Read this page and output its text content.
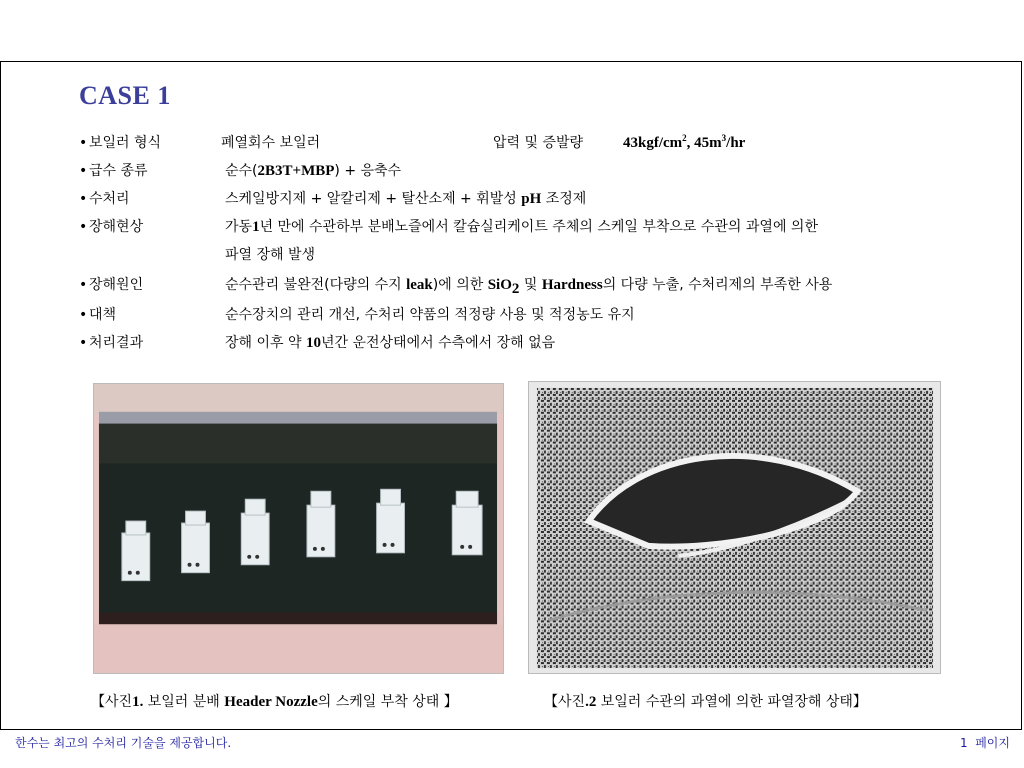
CASE 1
• 보일러 형식	폐열회수 보일러	압력 및 증발량	$43kgf/cm^2$, $45m^3/hr$
• 급수 종류	순수(2B3T+MBP) + 응축수
• 수처리	스케일방지제 + 알칼리제 + 탈산소제 + 휘발성 pH 조정제
• 장해현상	가동1년 만에 수관하부 분배노즐에서 칼슘실리케이트 주체의 스케일 부착으로 수관의 과열에 의한
파열 장해 발생
• 장해원인	순수관리 불완전(다량의 수지 leak)에 의한 SiO$_2$ 및 Hardness의 다량 누출, 수처리제의 부족한 사용
• 대책	순수장치의 관리 개선, 수처리 약품의 적정량 사용 및 적정농도 유지
• 처리결과	장해 이후 약 10년간 운전상태에서 수측에서 장해 없음
【사진1. 보일러 분배 Header Nozzle의 스케일 부착 상태 】	【사진.2 보일러 수관의 과열에 의한 파열장해 상태】
한수는 최고의 수처리 기술을 제공합니다.	1 페이지
